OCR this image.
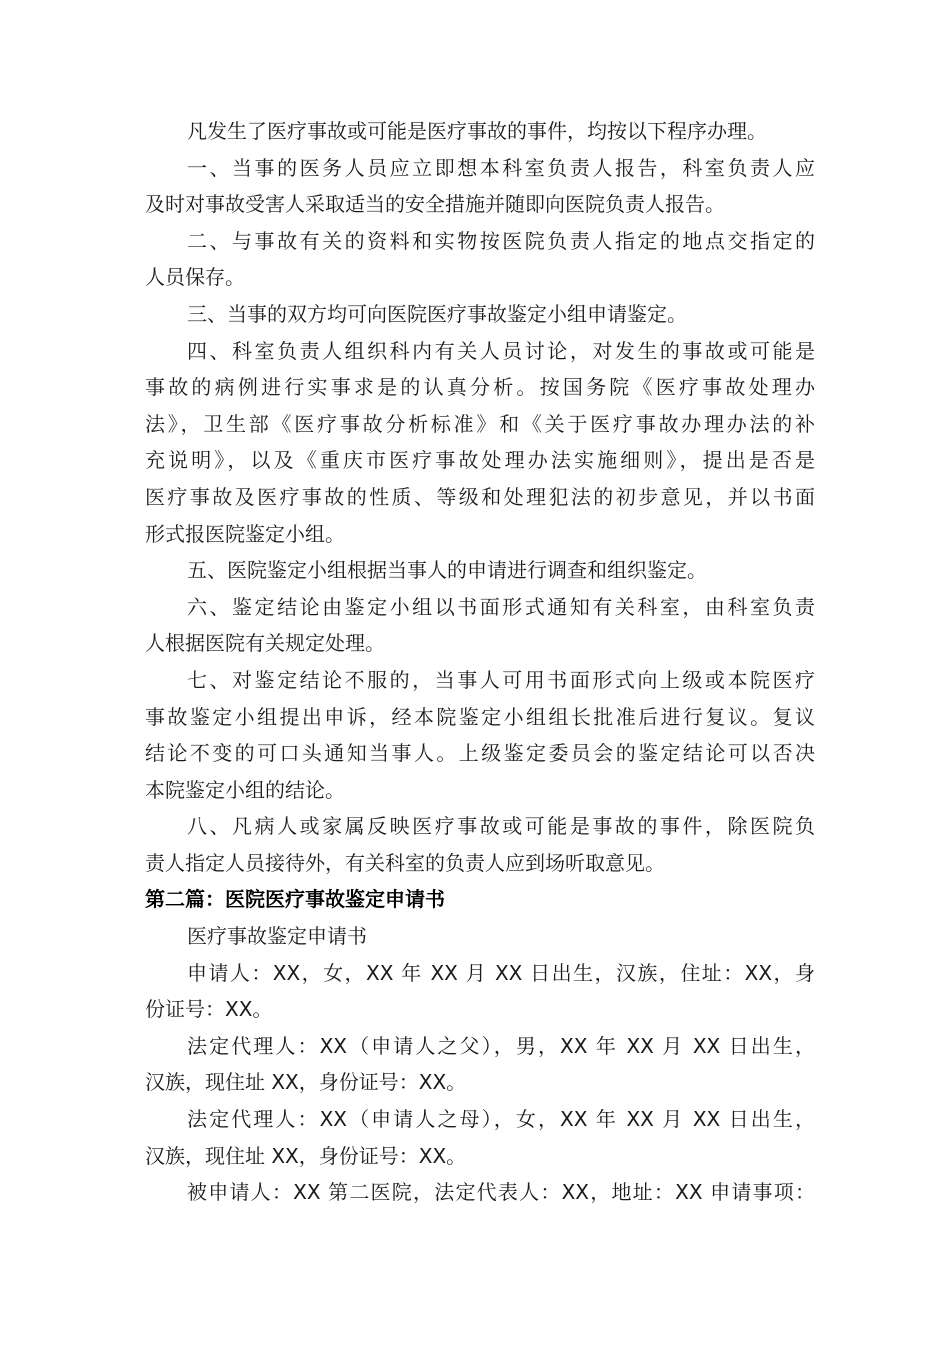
凡发生了医疗事故或可能是医疗事故的事件，均按以下程序办理。
一、当事的医务人员应立即想本科室负责人报告，科室负责人应
及时对事故受害人采取适当的安全措施并随即向医院负责人报告。
二、与事故有关的资料和实物按医院负责人指定的地点交指定的
人员保存。
三、当事的双方均可向医院医疗事故鉴定小组申请鉴定。
四、科室负责人组织科内有关人员讨论，对发生的事故或可能是
事故的病例进行实事求是的认真分析。按国务院《医疗事故处理办
法》，卫生部《医疗事故分析标准》和《关于医疗事故办理办法的补
充说明》，以及《重庆市医疗事故处理办法实施细则》，提出是否是
医疗事故及医疗事故的性质、等级和处理犯法的初步意见，并以书面
形式报医院鉴定小组。
五、医院鉴定小组根据当事人的申请进行调查和组织鉴定。
六、鉴定结论由鉴定小组以书面形式通知有关科室，由科室负责
人根据医院有关规定处理。
七、对鉴定结论不服的，当事人可用书面形式向上级或本院医疗
事故鉴定小组提出申诉，经本院鉴定小组组长批准后进行复议。复议
结论不变的可口头通知当事人。上级鉴定委员会的鉴定结论可以否决
本院鉴定小组的结论。
八、凡病人或家属反映医疗事故或可能是事故的事件，除医院负
责人指定人员接待外，有关科室的负责人应到场听取意见。
第二篇：医院医疗事故鉴定申请书
医疗事故鉴定申请书
申请人：XX，女，XX 年 XX 月 XX 日出生，汉族，住址：XX，身
份证号：XX。
法定代理人：XX（申请人之父），男，XX 年 XX 月 XX 日出生，
汉族，现住址 XX，身份证号：XX。
法定代理人：XX（申请人之母），女，XX 年 XX 月 XX 日出生，
汉族，现住址 XX，身份证号：XX。
被申请人：XX 第二医院，法定代表人：XX，地址：XX 申请事项：
